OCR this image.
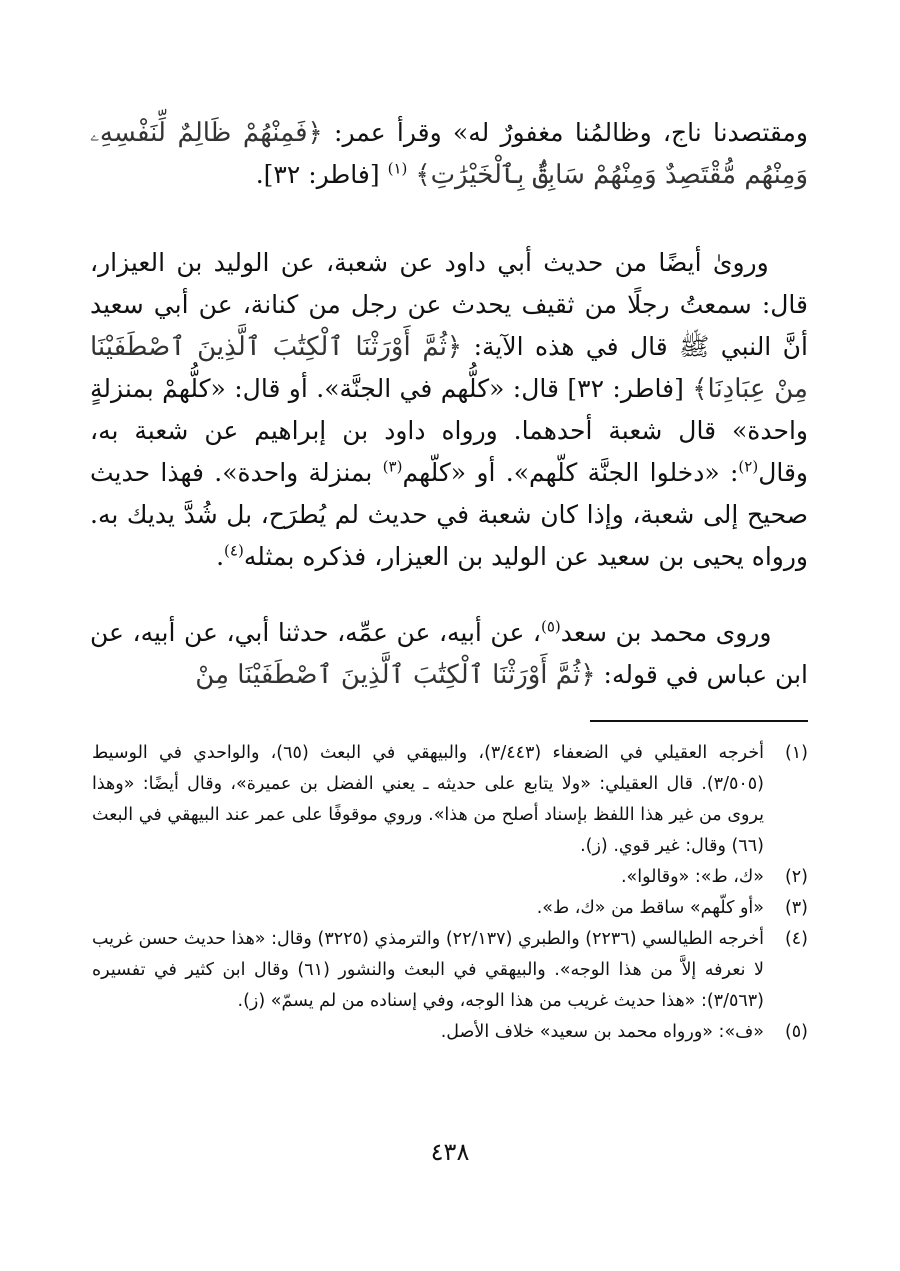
ومقتصدنا ناج، وظالمُنا مغفورٌ له» وقرأ عمر: ﴿فَمِنْهُمْ ظَالِمٌ لِّنَفْسِهِۦ وَمِنْهُم مُّقْتَصِدٌ وَمِنْهُمْ سَابِقٌۢ بِٱلْخَيْرَٰتِ﴾ $^{(١)}$ [فاطر: ٣٢].

وروىٰ أيضًا من حديث أبي داود عن شعبة، عن الوليد بن العيزار، قال: سمعتُ رجلًا من ثقيف يحدث عن رجل من كنانة، عن أبي سعيد أنَّ النبي ﷺ قال في هذه الآية: ﴿ثُمَّ أَوْرَثْنَا ٱلْكِتَٰبَ ٱلَّذِينَ ٱصْطَفَيْنَا مِنْ عِبَادِنَا﴾ [فاطر: ٣٢] قال: «كلُّهم في الجنَّة». أو قال: «كلُّهمْ بمنزلةٍ واحدة» قال شعبة أحدهما. ورواه داود بن إبراهيم عن شعبة به، وقال$^{(٢)}$: «دخلوا الجنَّة كلّهم». أو «كلّهم$^{(٣)}$ بمنزلة واحدة». فهذا حديث صحيح إلى شعبة، وإذا كان شعبة في حديث لم يُطرَح، بل شُدَّ يديك به. ورواه يحيى بن سعيد عن الوليد بن العيزار، فذكره بمثله$^{(٤)}$.

وروى محمد بن سعد$^{(٥)}$، عن أبيه، عن عمِّه، حدثنا أبي، عن أبيه، عن ابن عباس في قوله: ﴿ثُمَّ أَوْرَثْنَا ٱلْكِتَٰبَ ٱلَّذِينَ ٱصْطَفَيْنَا مِنْ

(١)
أخرجه العقيلي في الضعفاء (٣/٤٤٣)، والبيهقي في البعث (٦٥)، والواحدي في الوسيط (٣/٥٠٥). قال العقيلي: «ولا يتابع على حديثه ـ يعني الفضل بن عميرة»، وقال أيضًا: «وهذا يروى من غير هذا اللفظ بإسناد أصلح من هذا». وروي موقوفًا على عمر عند البيهقي في البعث (٦٦) وقال: غير قوي. (ز).
(٢)
«ك، ط»: «وقالوا».
(٣)
«أو كلّهم» ساقط من «ك، ط».
(٤)
أخرجه الطيالسي (٢٢٣٦) والطبري (٢٢/١٣٧) والترمذي (٣٢٢٥) وقال: «هذا حديث حسن غريب لا نعرفه إلاَّ من هذا الوجه». والبيهقي في البعث والنشور (٦١) وقال ابن كثير في تفسيره (٣/٥٦٣): «هذا حديث غريب من هذا الوجه، وفي إسناده من لم يسمّ» (ز).
(٥)
«ف»: «ورواه محمد بن سعيد» خلاف الأصل.
٤٣٨
